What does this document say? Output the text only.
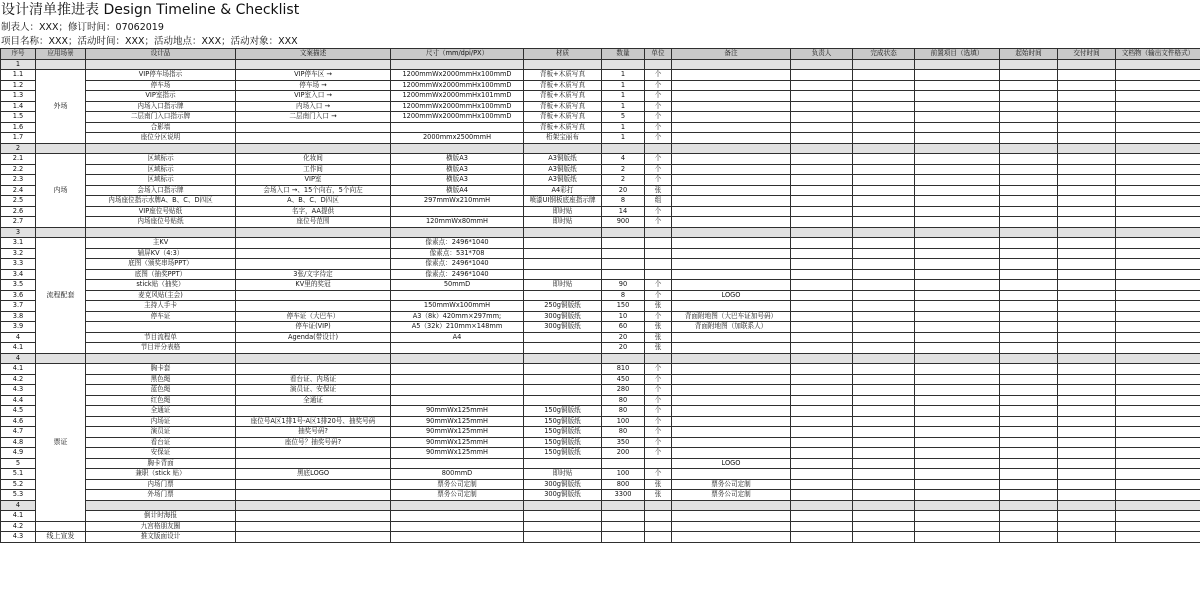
设计清单推进表 Design Timeline & Checklist
制表人：XXX；修订时间：07062019
项目名称：XXX；活动时间：XXX；活动地点：XXX；活动对象：XXX
序号	应用场景	设计品	文案描述	尺寸（mm/dpi/PX）	材质	数量	单位	备注	负责人	完成状态	前置项目（选填）	起始时间	交付时间	文档物（输出文件格式）
1														
1.1	外场	VIP停车场指示	VIP停车区 →	1200mmWx2000mmHx100mmD	背板+木质写真	1	个							
1.2		停车场	停车场 →	1200mmWx2000mmHx100mmD	背板+木质写真	1	个							
1.3		VIP室指示	VIP室入口 →	1200mmWx2000mmHx101mmD	背板+木质写真	1	个							
1.4		内场入口指示牌	内场入口 →	1200mmWx2000mmHx100mmD	背板+木质写真	1	个							
1.5		二层南门入口指示牌	二层南门入口 →	1200mmWx2000mmHx100mmD	背板+木质写真	5	个							
1.6		合影墙			背板+木质写真	1	个							
1.7		座位分区说明		2000mmx2500mmH	桁架宝丽布	1	个							
2														
2.1	内场	区域标示	化妆间	横版A3	A3铜版纸	4	个							
2.2		区域标示	工作间	横版A3	A3铜版纸	2	个							
2.3		区域标示	VIP室	横版A3	A3铜版纸	2	个							
2.4		会场入口指示牌	会场入口 →、15个向右，5个向左	横版A4	A4彩打	20	张							
2.5		内场座位指示水牌A、B、C、D四区	A、B、C、D四区	297mmWx210mmH	喷漆UI钢板底座指示牌	8	组							
2.6		VIP座位号贴纸	名字，AA提供		即时贴	14	个							
2.7		内场座位号贴纸	座位号范围	120mmWx80mmH	即时贴	900	个							
3														
3.1	流程配套	主KV		像素点：2496*1040										
3.2		辅屏KV（4:3）		像素点：531*708										
3.3		底图（颁奖串场PPT）		像素点：2496*1040										
3.4		底图（抽奖PPT）	3张/文字待定	像素点：2496*1040										
3.5		stick贴（抽奖）	KV里的奖冠	50mmD	即时贴	90	个							
3.6		麦克风贴(主会)				8	个	LOGO						
3.7		主持人手卡		150mmWx100mmH	250g铜版纸	150	张							
3.8		停车证	停车证（大巴车）	A3（8k）420mm×297mm;	300g铜版纸	10	个	背面附地图（大巴车证加号码）						
3.9			停车证(VIP)	A5（32k）210mm×148mm	300g铜版纸	60	张	背面附地图（加联系人）						
4		节目流程单	Agenda(带设计)	A4		20	张							
4.1		节目评分表格				20	张							
4														
4.1	票证	胸卡套				810	个							
4.2		黑色绳	看台证、内场证			450	个							
4.3		蓝色绳	演员证、安保证			280	个							
4.4		红色绳	全通证			80	个							
4.5		全通证		90mmWx125mmH	150g铜版纸	80	个							
4.6		内场证	座位号A区1排1号-A区1排20号、抽奖号码	90mmWx125mmH	150g铜版纸	100	个							
4.7		演员证	抽奖号码?	90mmWx125mmH	150g铜版纸	80	个							
4.8		看台证	座位号？抽奖号码?	90mmWx125mmH	150g铜版纸	350	个							
4.9		安保证		90mmWx125mmH	150g铜版纸	200	个							
5		胸卡背面						LOGO						
5.1		兼职（stick 贴）	黑底LOGO	800mmD	即时贴	100	个							
5.2		内场门票		票务公司定制	300g铜版纸	800	张	票务公司定制						
5.3		外场门票		票务公司定制	300g铜版纸	3300	张	票务公司定制						
4														
4.1		倒计时海报												
4.2		九宫格朋友圈												
4.3	线上宣发	推文版面设计												
